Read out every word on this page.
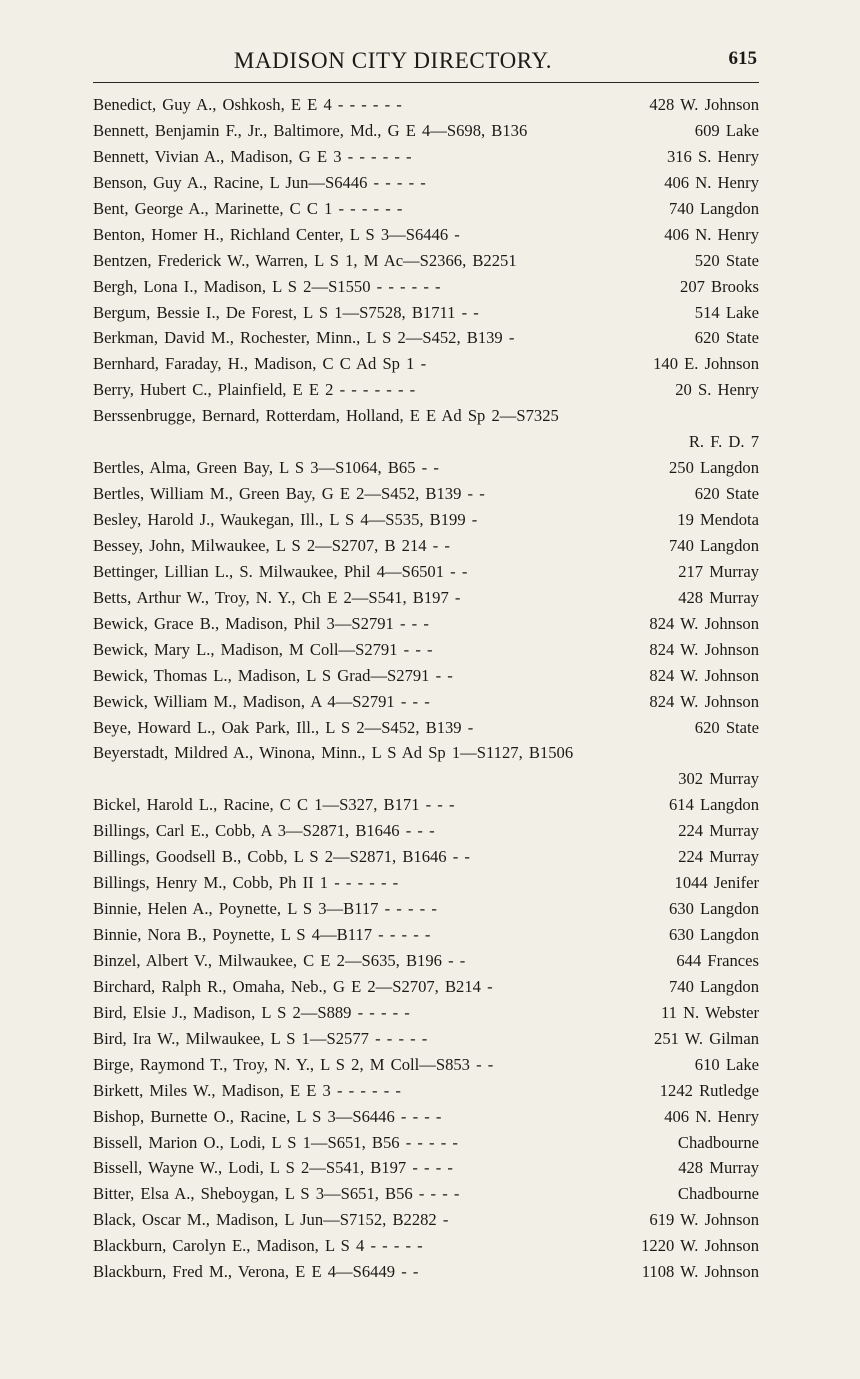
MADISON CITY DIRECTORY.	615
Benedict, Guy A., Oshkosh, E E 4 - - - - - -	428 W. Johnson
Bennett, Benjamin F., Jr., Baltimore, Md., G E 4—S698, B136	609 Lake
Bennett, Vivian A., Madison, G E 3 - - - - - -	316 S. Henry
Benson, Guy A., Racine, L Jun—S6446 - - - - -	406 N. Henry
Bent, George A., Marinette, C C 1 - - - - - -	740 Langdon
Benton, Homer H., Richland Center, L S 3—S6446 -	406 N. Henry
Bentzen, Frederick W., Warren, L S 1, M Ac—S2366, B2251	520 State
Bergh, Lona I., Madison, L S 2—S1550 - - - - - -	207 Brooks
Bergum, Bessie I., De Forest, L S 1—S7528, B1711 - -	514 Lake
Berkman, David M., Rochester, Minn., L S 2—S452, B139 -	620 State
Bernhard, Faraday, H., Madison, C C Ad Sp 1 -	140 E. Johnson
Berry, Hubert C., Plainfield, E E 2 - - - - - - -	20 S. Henry
Berssenbrugge, Bernard, Rotterdam, Holland, E E Ad Sp 2—S7325
R. F. D. 7
Bertles, Alma, Green Bay, L S 3—S1064, B65 - -	250 Langdon
Bertles, William M., Green Bay, G E 2—S452, B139 - -	620 State
Besley, Harold J., Waukegan, Ill., L S 4—S535, B199 -	19 Mendota
Bessey, John, Milwaukee, L S 2—S2707, B 214 - -	740 Langdon
Bettinger, Lillian L., S. Milwaukee, Phil 4—S6501 - -	217 Murray
Betts, Arthur W., Troy, N. Y., Ch E 2—S541, B197 -	428 Murray
Bewick, Grace B., Madison, Phil 3—S2791 - - -	824 W. Johnson
Bewick, Mary L., Madison, M Coll—S2791 - - -	824 W. Johnson
Bewick, Thomas L., Madison, L S Grad—S2791 - -	824 W. Johnson
Bewick, William M., Madison, A 4—S2791 - - -	824 W. Johnson
Beye, Howard L., Oak Park, Ill., L S 2—S452, B139 -	620 State
Beyerstadt, Mildred A., Winona, Minn., L S Ad Sp 1—S1127, B1506
302 Murray
Bickel, Harold L., Racine, C C 1—S327, B171 - - -	614 Langdon
Billings, Carl E., Cobb, A 3—S2871, B1646 - - -	224 Murray
Billings, Goodsell B., Cobb, L S 2—S2871, B1646 - -	224 Murray
Billings, Henry M., Cobb, Ph II 1 - - - - - -	1044 Jenifer
Binnie, Helen A., Poynette, L S 3—B117 - - - - -	630 Langdon
Binnie, Nora B., Poynette, L S 4—B117 - - - - -	630 Langdon
Binzel, Albert V., Milwaukee, C E 2—S635, B196 - -	644 Frances
Birchard, Ralph R., Omaha, Neb., G E 2—S2707, B214 -	740 Langdon
Bird, Elsie J., Madison, L S 2—S889 - - - - -	11 N. Webster
Bird, Ira W., Milwaukee, L S 1—S2577 - - - - -	251 W. Gilman
Birge, Raymond T., Troy, N. Y., L S 2, M Coll—S853 - -	610 Lake
Birkett, Miles W., Madison, E E 3 - - - - - -	1242 Rutledge
Bishop, Burnette O., Racine, L S 3—S6446 - - - -	406 N. Henry
Bissell, Marion O., Lodi, L S 1—S651, B56 - - - - -	Chadbourne
Bissell, Wayne W., Lodi, L S 2—S541, B197 - - - -	428 Murray
Bitter, Elsa A., Sheboygan, L S 3—S651, B56 - - - -	Chadbourne
Black, Oscar M., Madison, L Jun—S7152, B2282 -	619 W. Johnson
Blackburn, Carolyn E., Madison, L S 4 - - - - -	1220 W. Johnson
Blackburn, Fred M., Verona, E E 4—S6449 - -	1108 W. Johnson
